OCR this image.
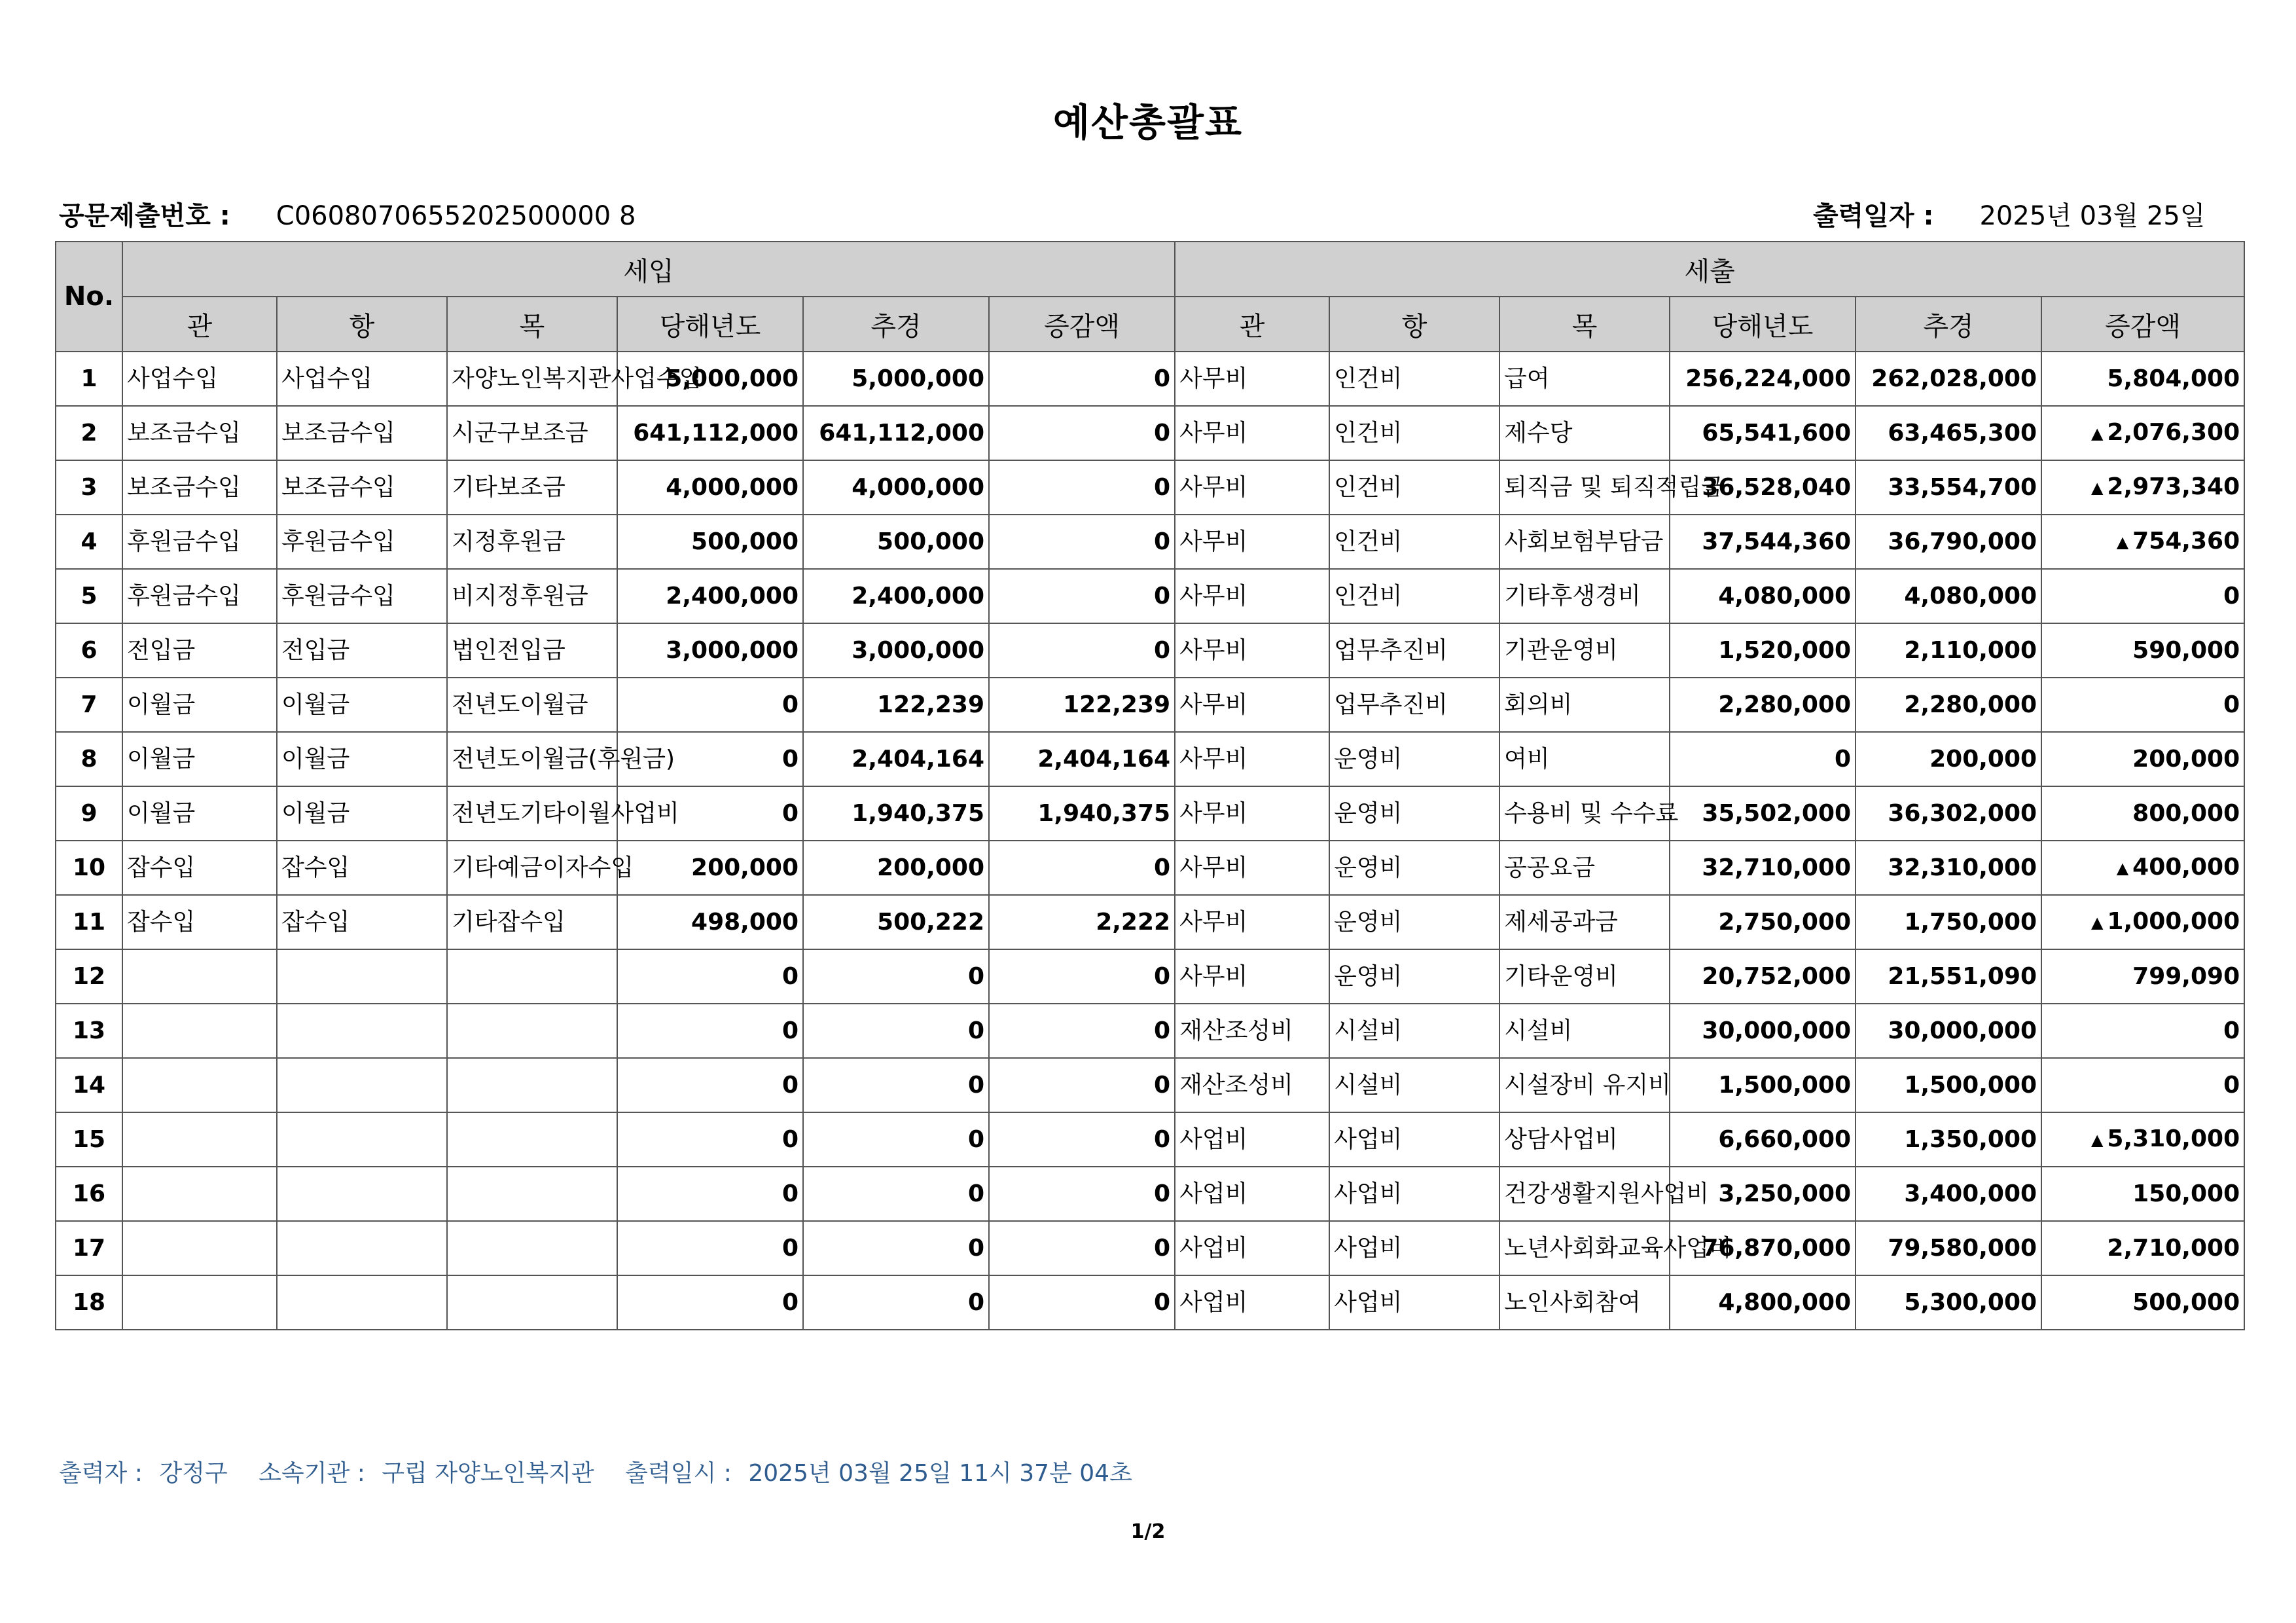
예산총괄표
공문제출번호 : C0608070655202500000 8	출력일자 : 2025년 03월 25일
No.	세입						세출					
	관	항	목	당해년도	추경	증감액	관	항	목	당해년도	추경	증감액
1	사업수입	사업수입	자양노인복지관사업수입	5,000,000	5,000,000	0	사무비	인건비	급여	256,224,000	262,028,000	5,804,000
2	보조금수입	보조금수입	시군구보조금	641,112,000	641,112,000	0	사무비	인건비	제수당	65,541,600	63,465,300	▲ 2,076,300
3	보조금수입	보조금수입	기타보조금	4,000,000	4,000,000	0	사무비	인건비	퇴직금 및 퇴직적립금	36,528,040	33,554,700	▲ 2,973,340
4	후원금수입	후원금수입	지정후원금	500,000	500,000	0	사무비	인건비	사회보험부담금	37,544,360	36,790,000	▲ 754,360
5	후원금수입	후원금수입	비지정후원금	2,400,000	2,400,000	0	사무비	인건비	기타후생경비	4,080,000	4,080,000	0
6	전입금	전입금	법인전입금	3,000,000	3,000,000	0	사무비	업무추진비	기관운영비	1,520,000	2,110,000	590,000
7	이월금	이월금	전년도이월금	0	122,239	122,239	사무비	업무추진비	회의비	2,280,000	2,280,000	0
8	이월금	이월금	전년도이월금(후원금)	0	2,404,164	2,404,164	사무비	운영비	여비	0	200,000	200,000
9	이월금	이월금	전년도기타이월사업비	0	1,940,375	1,940,375	사무비	운영비	수용비 및 수수료	35,502,000	36,302,000	800,000
10	잡수입	잡수입	기타예금이자수입	200,000	200,000	0	사무비	운영비	공공요금	32,710,000	32,310,000	▲ 400,000
11	잡수입	잡수입	기타잡수입	498,000	500,222	2,222	사무비	운영비	제세공과금	2,750,000	1,750,000	▲ 1,000,000
12				0	0	0	사무비	운영비	기타운영비	20,752,000	21,551,090	799,090
13				0	0	0	재산조성비	시설비	시설비	30,000,000	30,000,000	0
14				0	0	0	재산조성비	시설비	시설장비 유지비	1,500,000	1,500,000	0
15				0	0	0	사업비	사업비	상담사업비	6,660,000	1,350,000	▲ 5,310,000
16				0	0	0	사업비	사업비	건강생활지원사업비	3,250,000	3,400,000	150,000
17				0	0	0	사업비	사업비	노년사회화교육사업비	76,870,000	79,580,000	2,710,000
18				0	0	0	사업비	사업비	노인사회참여	4,800,000	5,300,000	500,000
출력자 : 강정구 소속기관 : 구립 자양노인복지관 출력일시 : 2025년 03월 25일 11시 37분 04초
1/2
